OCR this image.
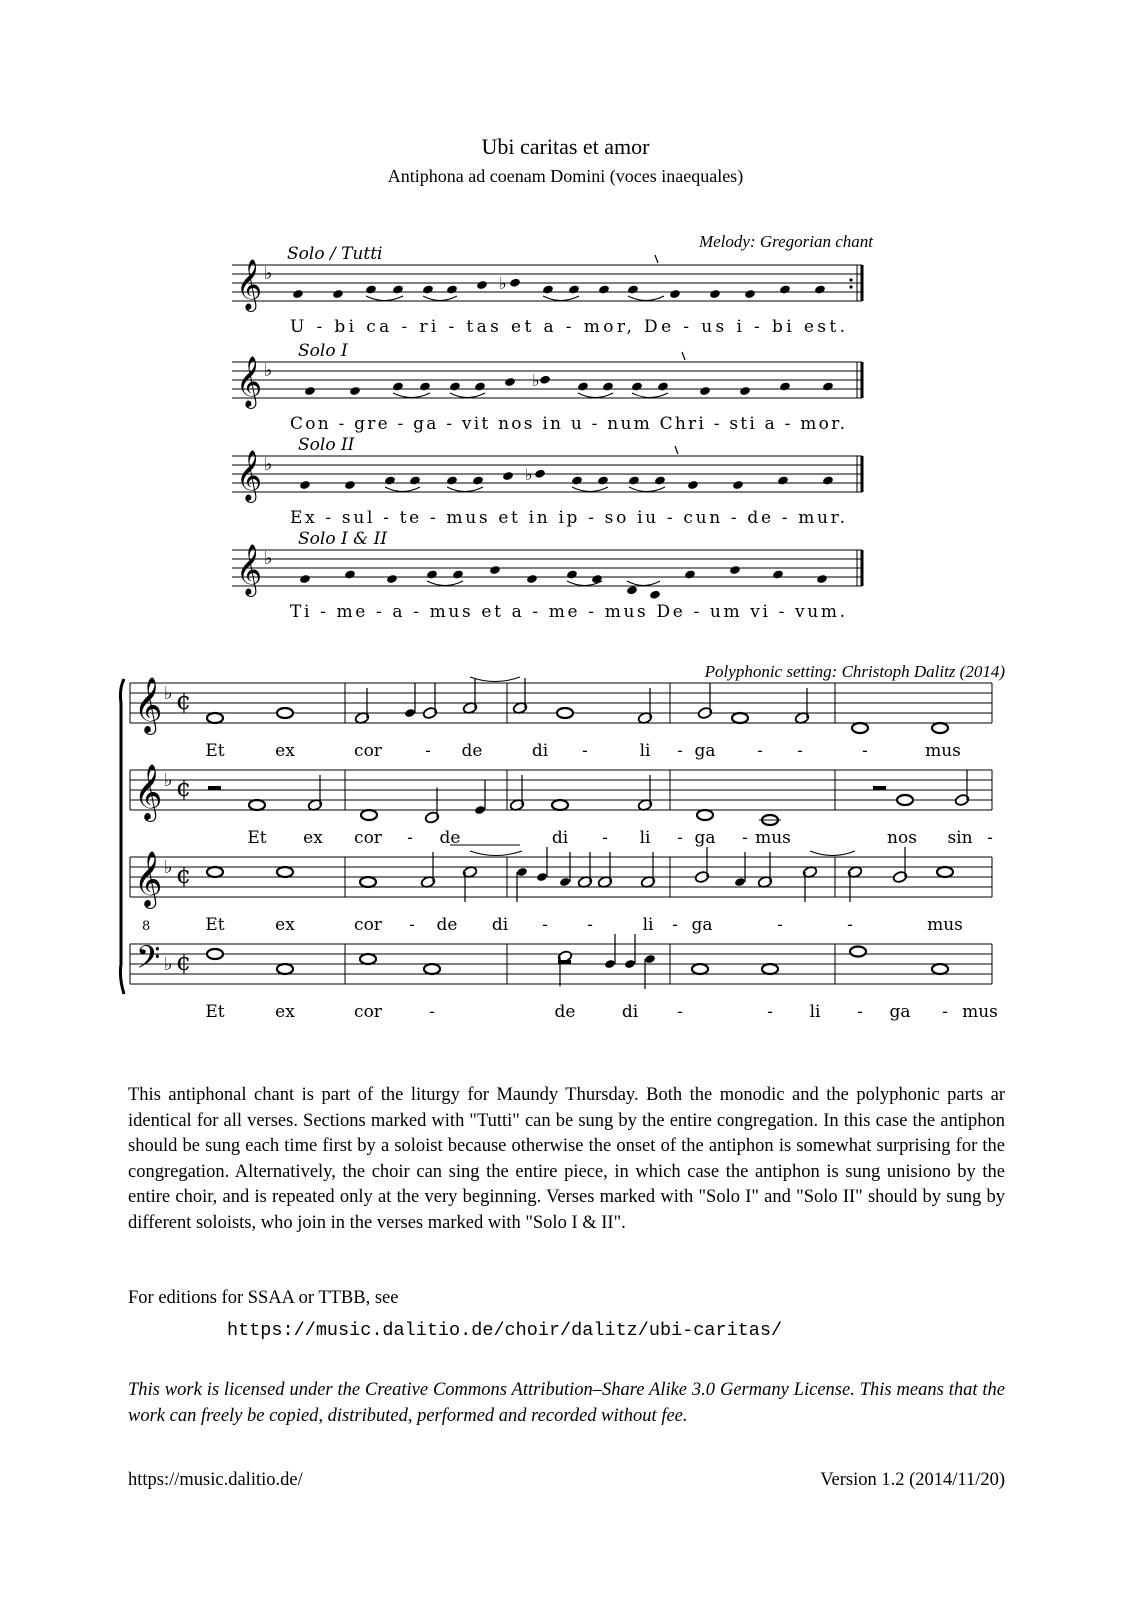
Ubi caritas et amor
Antiphona ad coenam Domini (voces inaequales)
Melody: Gregorian chant
Polyphonic setting: Christoph Dalitz (2014)
𝄞 ♭	♭
Solo / Tutti
U - bi ca - ri - tas et a - mor, De - us i - bi est.
𝄞 ♭	♭
Solo I
Con - gre - ga - vit nos in u - num Chri - sti a - mor.
𝄞 ♭	♭
Solo II
Ex - sul - te - mus et in ip - so iu - cun - de - mur.
𝄞 ♭
Solo I & II
Ti - me - a - mus et a - me - mus De - um vi - vum.
𝄞 ♭ ¢
𝄞 ♭ ¢
𝄞 ♭ ¢
8
𝄢 ♭ ¢
Et	ex	cor	- de	di -	li - ga - -	-	mus
Et ex cor - de	di - li - ga - mus	nos sin -
Et	ex	cor - de di - -	li - ga	-	-	mus
Et	ex	cor	-	de	di -	- li - ga - mus
This antiphonal chant is part of the liturgy for Maundy Thursday. Both the monodic and the polyphonic parts ar identical for all verses. Sections marked with "Tutti" can be sung by the entire congregation. In this case the antiphon should be sung each time first by a soloist because otherwise the onset of the antiphon is somewhat surprising for the congregation. Alternatively, the choir can sing the entire piece, in which case the antiphon is sung unisiono by the entire choir, and is repeated only at the very beginning. Verses marked with "Solo I" and "Solo II" should by sung by different soloists, who join in the verses marked with "Solo I & II".
For editions for SSAA or TTBB, see
https://music.dalitio.de/choir/dalitz/ubi-caritas/
This work is licensed under the Creative Commons Attribution–Share Alike 3.0 Germany License. This means that the work can freely be copied, distributed, performed and recorded without fee.
https://music.dalitio.de/	Version 1.2 (2014/11/20)
